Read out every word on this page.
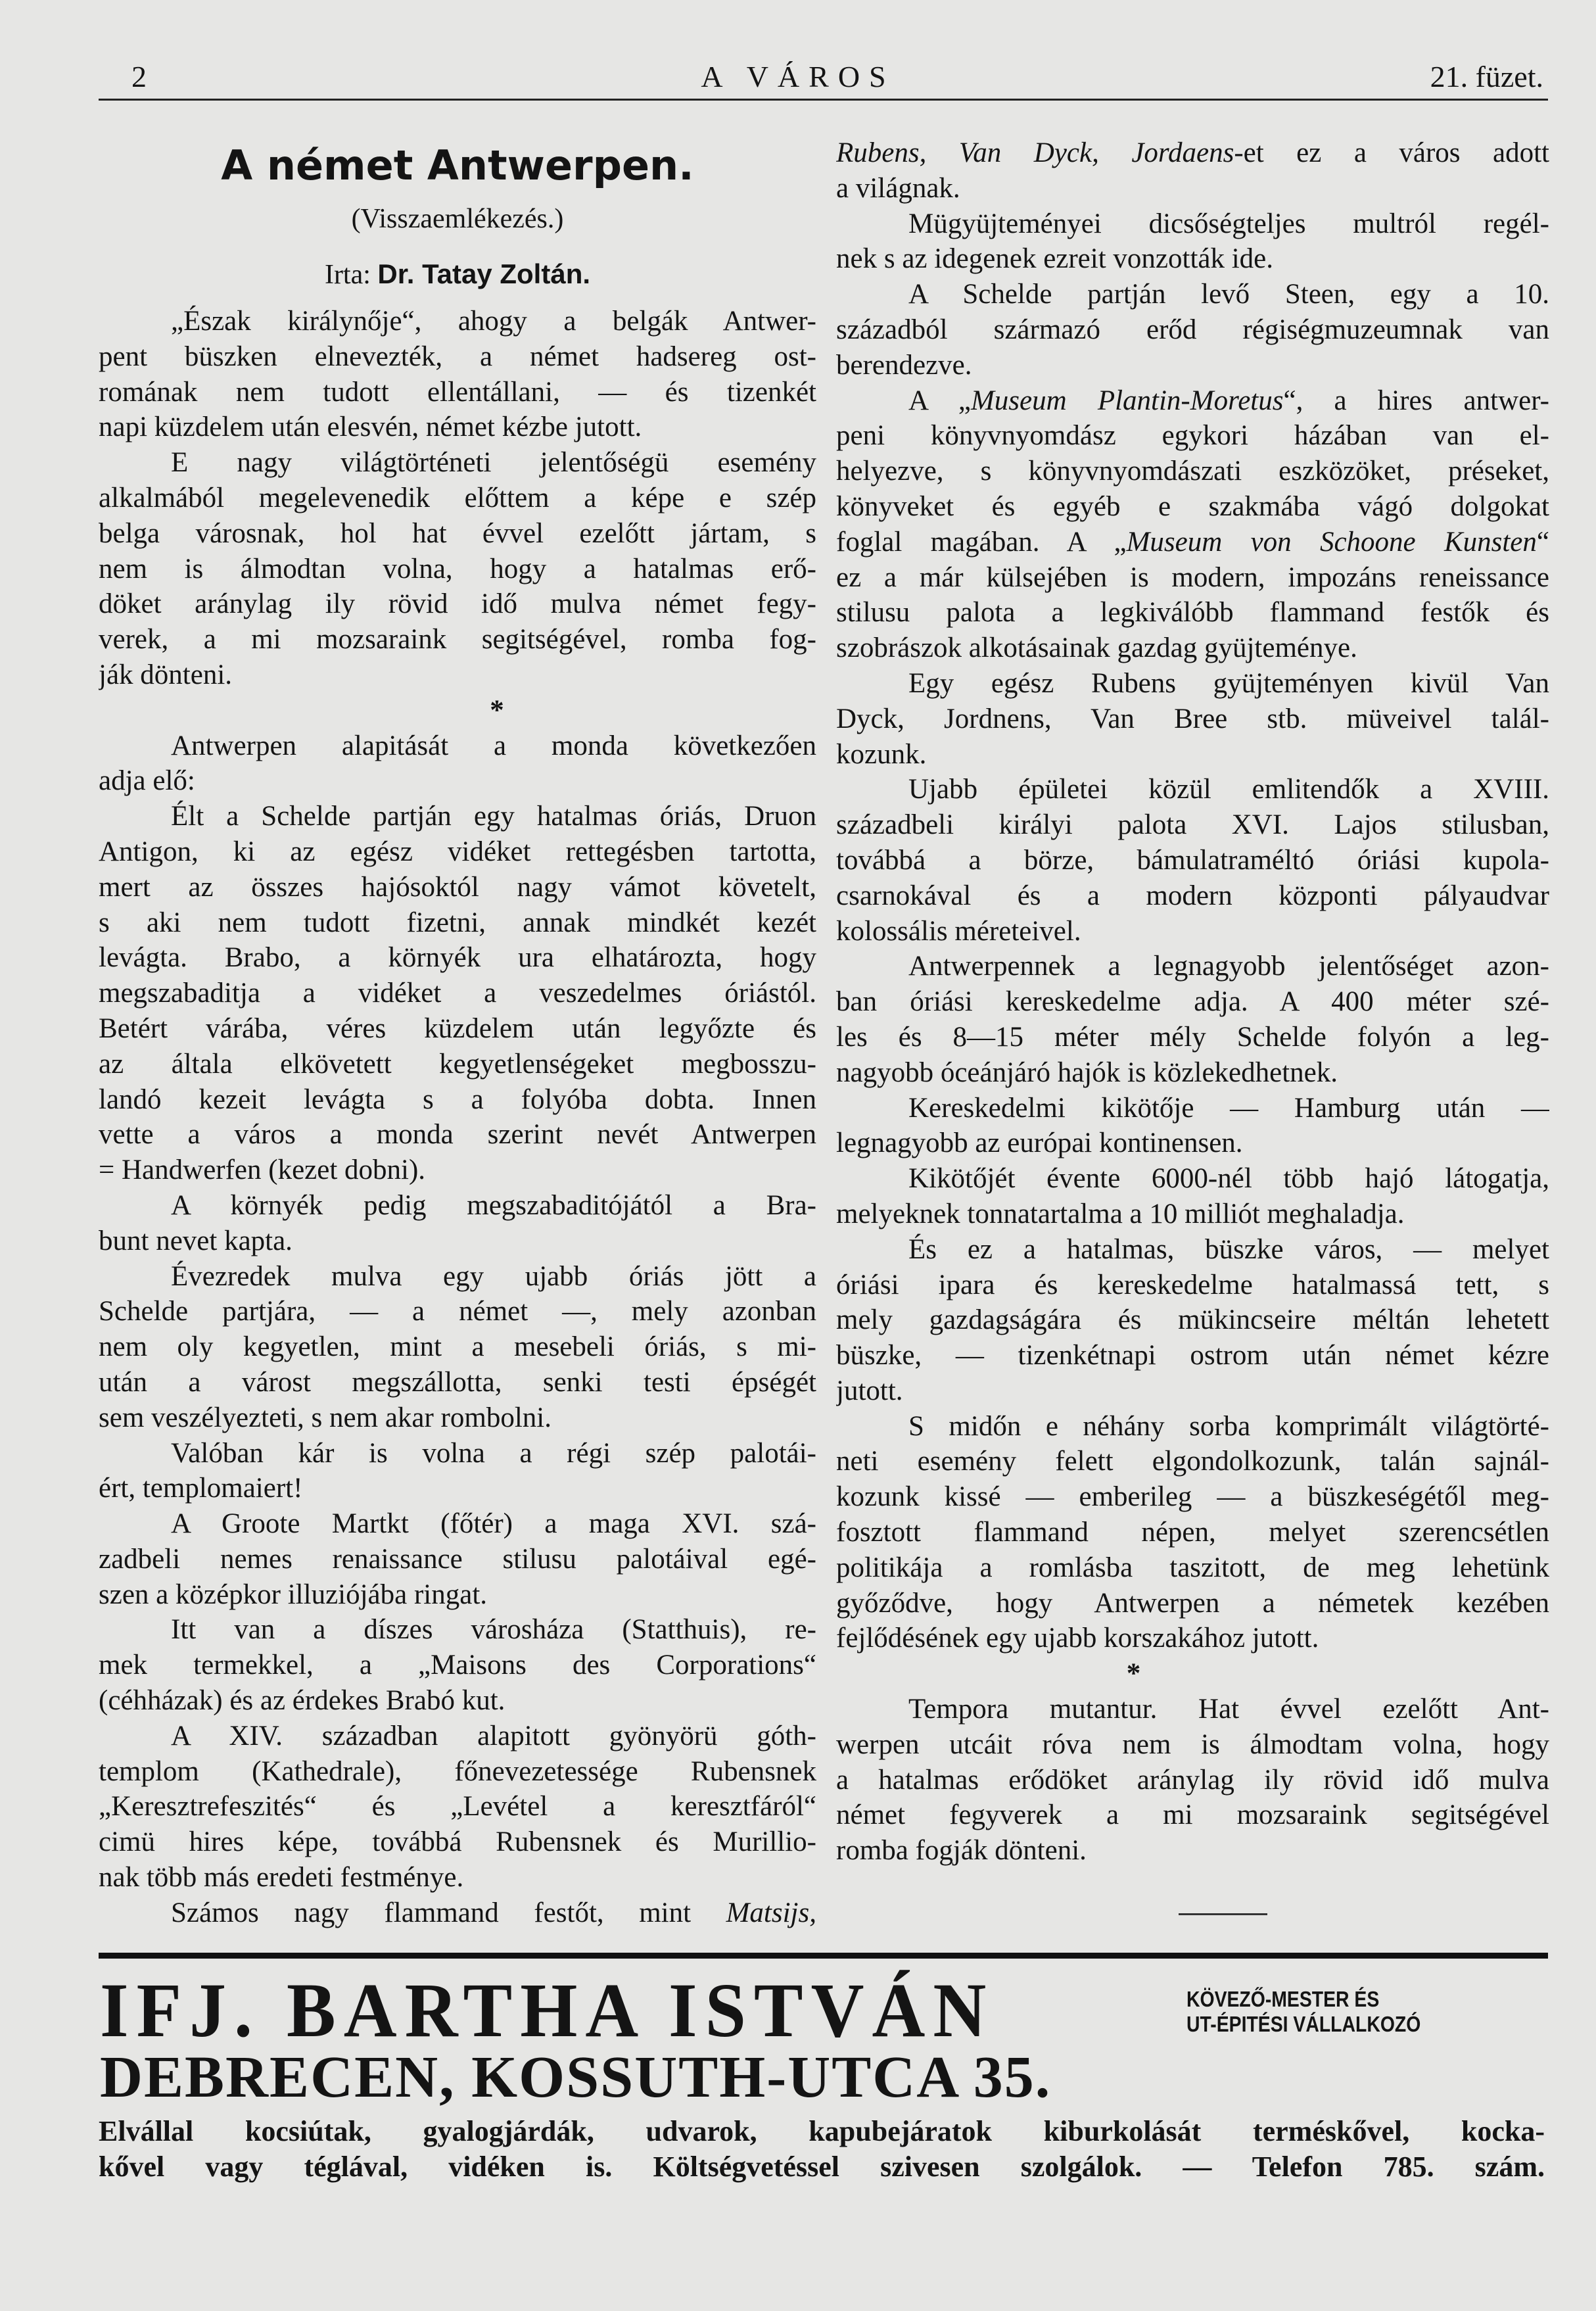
2	A VÁROS	21. füzet.
A német Antwerpen.
(Visszaemlékezés.)
Irta: Dr. Tatay Zoltán.
„Észak királynője“, ahogy a belgák Antwer-
pent büszken elnevezték, a német hadsereg ost-
romának nem tudott ellentállani, — és tizenkét
napi küzdelem után elesvén, német kézbe jutott.
E nagy világtörténeti jelentőségü esemény
alkalmából megelevenedik előttem a képe e szép
belga városnak, hol hat évvel ezelőtt jártam, s
nem is álmodtan volna, hogy a hatalmas erő-
döket aránylag ily rövid idő mulva német fegy-
verek, a mi mozsaraink segitségével, romba fog-
ják dönteni.
*
Antwerpen alapitását a monda következően
adja elő:
Élt a Schelde partján egy hatalmas óriás, Druon
Antigon, ki az egész vidéket rettegésben tartotta,
mert az összes hajósoktól nagy vámot követelt,
s aki nem tudott fizetni, annak mindkét kezét
levágta. Brabo, a környék ura elhatározta, hogy
megszabaditja a vidéket a veszedelmes óriástól.
Betért várába, véres küzdelem után legyőzte és
az általa elkövetett kegyetlenségeket megbosszu-
landó kezeit levágta s a folyóba dobta. Innen
vette a város a monda szerint nevét Antwerpen
= Handwerfen (kezet dobni).
A környék pedig megszabaditójától a Bra-
bunt nevet kapta.
Évezredek mulva egy ujabb óriás jött a
Schelde partjára, — a német —, mely azonban
nem oly kegyetlen, mint a mesebeli óriás, s mi-
után a várost megszállotta, senki testi épségét
sem veszélyezteti, s nem akar rombolni.
Valóban kár is volna a régi szép palotái-
ért, templomaiert!
A Groote Martkt (főtér) a maga XVI. szá-
zadbeli nemes renaissance stilusu palotáival egé-
szen a középkor illuziójába ringat.
Itt van a díszes városháza (Statthuis), re-
mek termekkel, a „Maisons des Corporations“
(céhházak) és az érdekes Brabó kut.
A XIV. században alapitott gyönyörü góth-
templom (Kathedrale), főnevezetessége Rubensnek
„Keresztrefeszités“ és „Levétel a keresztfáról“
cimü hires képe, továbbá Rubensnek és Murillio-
nak több más eredeti festménye.
Számos nagy flammand festőt, mint Matsijs,
Rubens, Van Dyck, Jordaens-et ez a város adott
a világnak.
Mügyüjteményei dicsőségteljes multról regél-
nek s az idegenek ezreit vonzották ide.
A Schelde partján levő Steen, egy a 10.
századból származó erőd régiségmuzeumnak van
berendezve.
A „Museum Plantin-Moretus“, a hires antwer-
peni könyvnyomdász egykori házában van el-
helyezve, s könyvnyomdászati eszközöket, préseket,
könyveket és egyéb e szakmába vágó dolgokat
foglal magában. A „Museum von Schoone Kunsten“
ez a már külsejében is modern, impozáns reneissance
stilusu palota a legkiválóbb flammand festők és
szobrászok alkotásainak gazdag gyüjteménye.
Egy egész Rubens gyüjteményen kivül Van
Dyck, Jordnens, Van Bree stb. müveivel talál-
kozunk.
Ujabb épületei közül emlitendők a XVIII.
századbeli királyi palota XVI. Lajos stilusban,
továbbá a börze, bámulatraméltó óriási kupola-
csarnokával és a modern központi pályaudvar
kolossális méreteivel.
Antwerpennek a legnagyobb jelentőséget azon-
ban óriási kereskedelme adja. A 400 méter szé-
les és 8—15 méter mély Schelde folyón a leg-
nagyobb óceánjáró hajók is közlekedhetnek.
Kereskedelmi kikötője — Hamburg után —
legnagyobb az európai kontinensen.
Kikötőjét évente 6000-nél több hajó látogatja,
melyeknek tonnatartalma a 10 milliót meghaladja.
És ez a hatalmas, büszke város, — melyet
óriási ipara és kereskedelme hatalmassá tett, s
mely gazdagságára és mükincseire méltán lehetett
büszke, — tizenkétnapi ostrom után német kézre
jutott.
S midőn e néhány sorba komprimált világtörté-
neti esemény felett elgondolkozunk, talán sajnál-
kozunk kissé — emberileg — a büszkeségétől meg-
fosztott flammand népen, melyet szerencsétlen
politikája a romlásba taszitott, de meg lehetünk
győződve, hogy Antwerpen a németek kezében
fejlődésének egy ujabb korszakához jutott.
*
Tempora mutantur. Hat évvel ezelőtt Ant-
werpen utcáit róva nem is álmodtam volna, hogy
a hatalmas erődöket aránylag ily rövid idő mulva
német fegyverek a mi mozsaraink segitségével
romba fogják dönteni.
IFJ. BARTHA ISTVÁN	KÖVEZŐ-MESTER ÉS
UT-ÉPITÉSI VÁLLALKOZÓ
DEBRECEN, KOSSUTH-UTCA 35.
Elvállal kocsiútak, gyalogjárdák, udvarok, kapubejáratok kiburkolását terméskővel, kocka-
kővel vagy téglával, vidéken is. Költségvetéssel szivesen szolgálok. — Telefon 785. szám.
